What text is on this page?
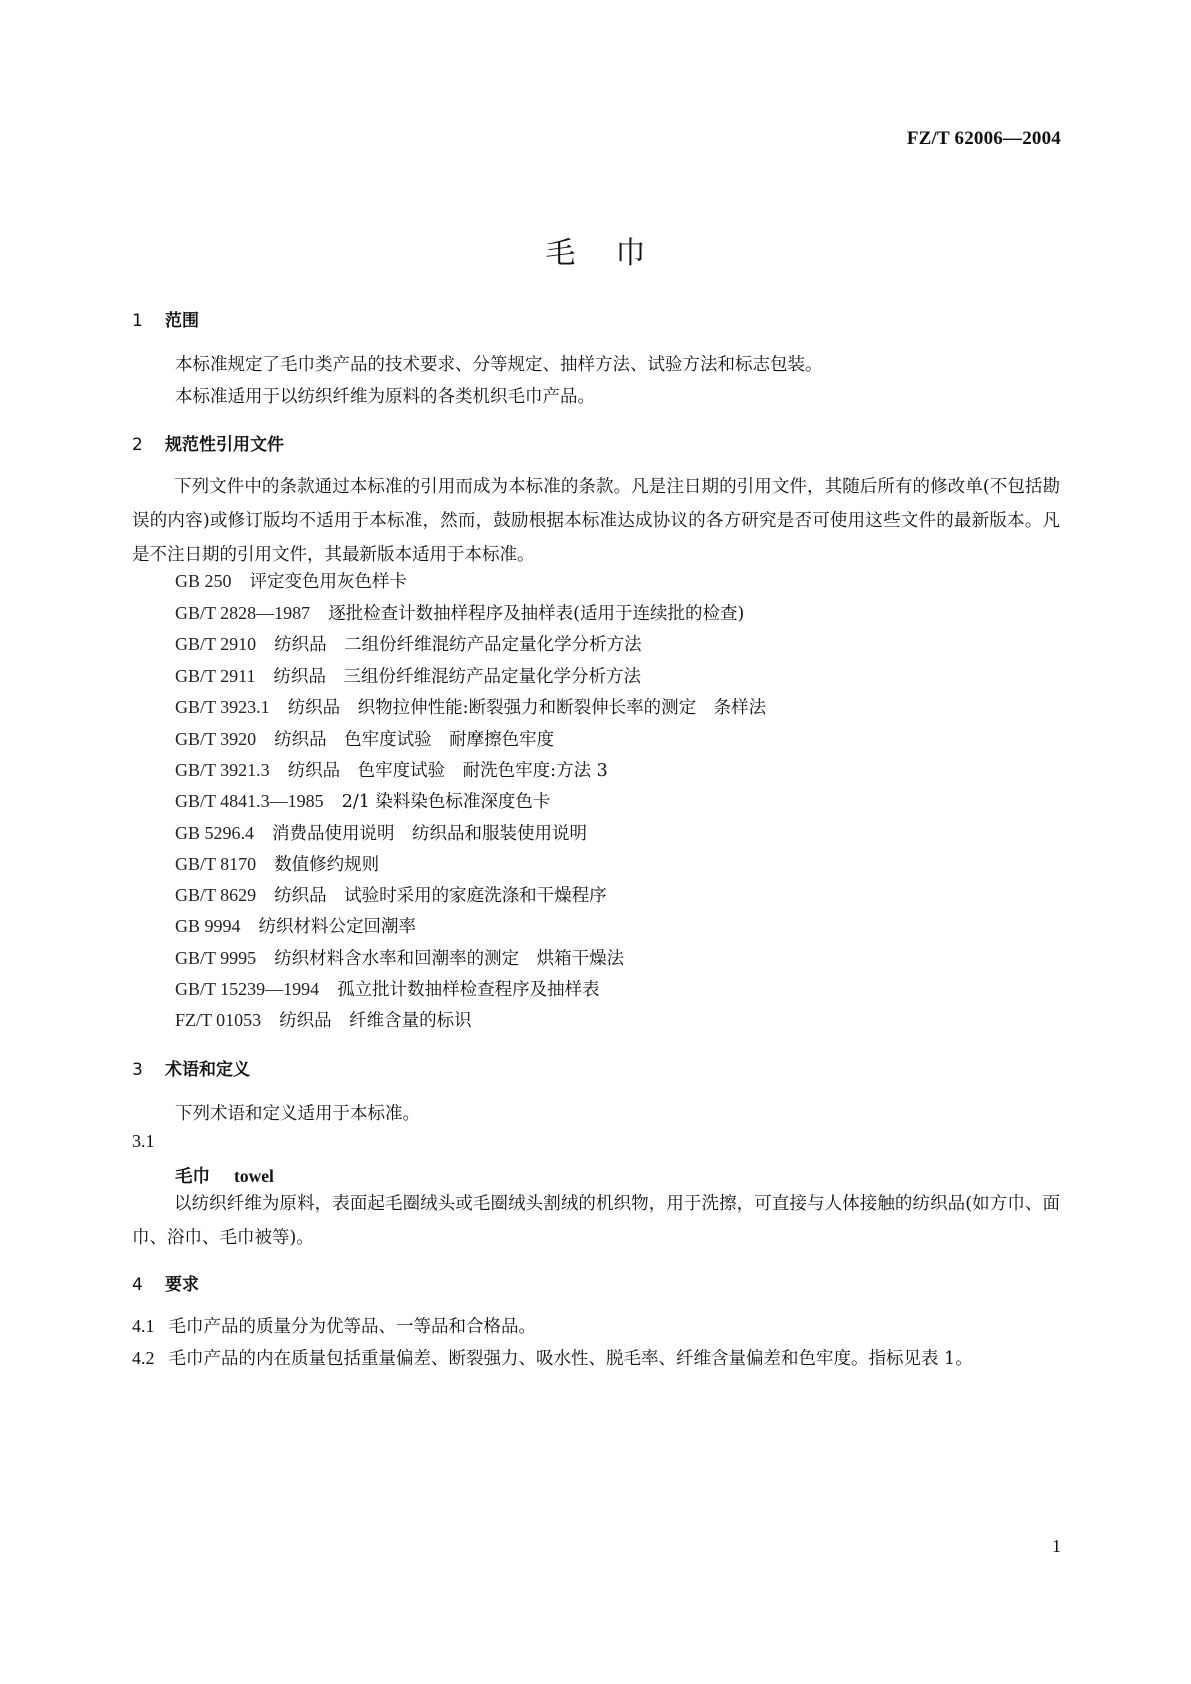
FZ/T 62006—2004
毛巾
1 范围
本标准规定了毛巾类产品的技术要求、分等规定、抽样方法、试验方法和标志包装。
本标准适用于以纺织纤维为原料的各类机织毛巾产品。
2 规范性引用文件
下列文件中的条款通过本标准的引用而成为本标准的条款。凡是注日期的引用文件，其随后所有的修改单(不包括勘误的内容)或修订版均不适用于本标准，然而，鼓励根据本标准达成协议的各方研究是否可使用这些文件的最新版本。凡是不注日期的引用文件，其最新版本适用于本标准。
GB 250 评定变色用灰色样卡
GB/T 2828—1987 逐批检查计数抽样程序及抽样表(适用于连续批的检查)
GB/T 2910 纺织品　二组份纤维混纺产品定量化学分析方法
GB/T 2911 纺织品　三组份纤维混纺产品定量化学分析方法
GB/T 3923.1 纺织品　织物拉伸性能:断裂强力和断裂伸长率的测定　条样法
GB/T 3920 纺织品　色牢度试验　耐摩擦色牢度
GB/T 3921.3 纺织品　色牢度试验　耐洗色牢度:方法 3
GB/T 4841.3—1985 2/1 染料染色标准深度色卡
GB 5296.4 消费品使用说明　纺织品和服装使用说明
GB/T 8170 数值修约规则
GB/T 8629 纺织品　试验时采用的家庭洗涤和干燥程序
GB 9994 纺织材料公定回潮率
GB/T 9995 纺织材料含水率和回潮率的测定　烘箱干燥法
GB/T 15239—1994 孤立批计数抽样检查程序及抽样表
FZ/T 01053 纺织品　纤维含量的标识
3 术语和定义
下列术语和定义适用于本标准。
3.1
毛巾 towel
以纺织纤维为原料，表面起毛圈绒头或毛圈绒头割绒的机织物，用于洗擦，可直接与人体接触的纺织品(如方巾、面巾、浴巾、毛巾被等)。
4 要求
4.1 毛巾产品的质量分为优等品、一等品和合格品。
4.2 毛巾产品的内在质量包括重量偏差、断裂强力、吸水性、脱毛率、纤维含量偏差和色牢度。指标见表 1。
1
